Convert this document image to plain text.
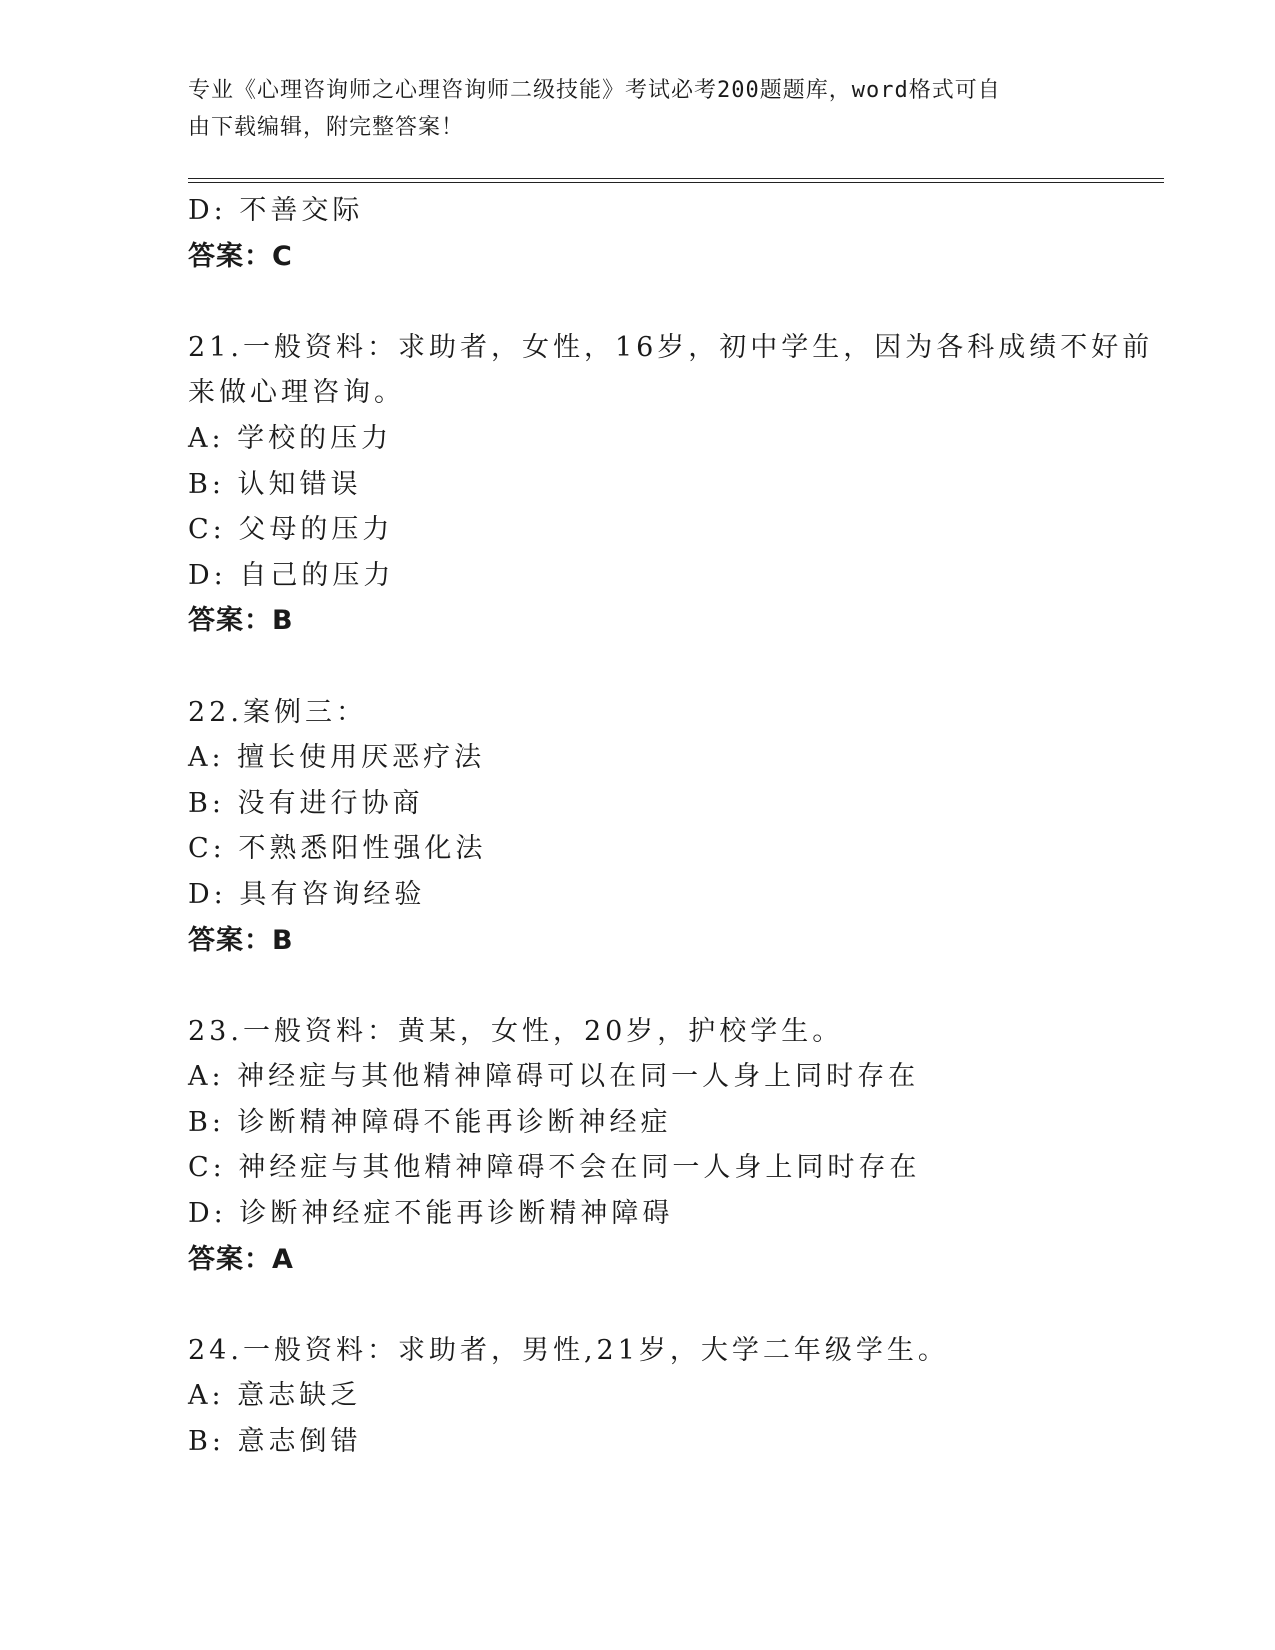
专业《心理咨询师之心理咨询师二级技能》考试必考200题题库，word格式可自
由下载编辑，附完整答案！
D: 不善交际
答案：C
21.一般资料：求助者，女性，16岁，初中学生，因为各科成绩不好前
来做心理咨询。
A: 学校的压力
B: 认知错误
C: 父母的压力
D: 自己的压力
答案：B
22.案例三：
A: 擅长使用厌恶疗法
B: 没有进行协商
C: 不熟悉阳性强化法
D: 具有咨询经验
答案：B
23.一般资料：黄某，女性，20岁，护校学生。
A: 神经症与其他精神障碍可以在同一人身上同时存在
B: 诊断精神障碍不能再诊断神经症
C: 神经症与其他精神障碍不会在同一人身上同时存在
D: 诊断神经症不能再诊断精神障碍
答案：A
24.一般资料：求助者，男性,21岁，大学二年级学生。
A: 意志缺乏
B: 意志倒错
